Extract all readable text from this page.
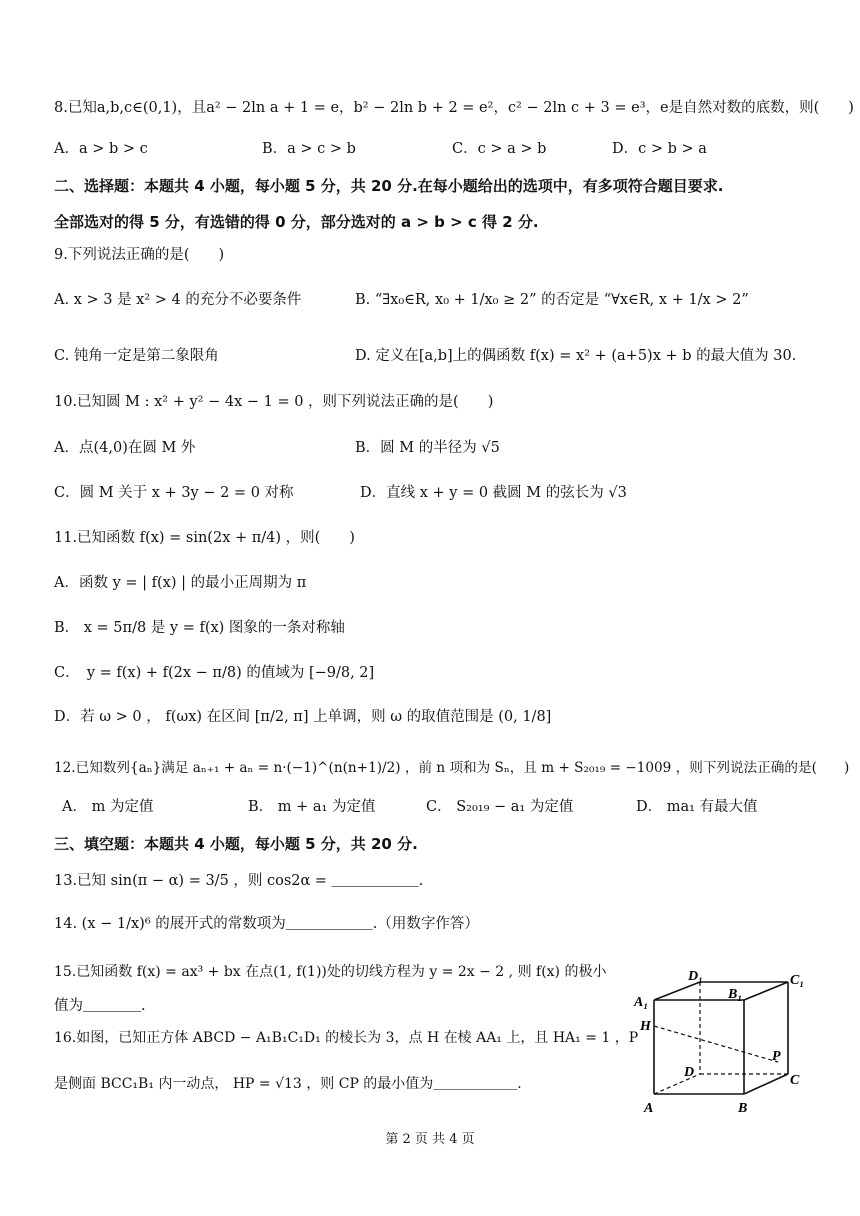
8.已知a,b,c∈(0,1)，且a² − 2ln a + 1 = e，b² − 2ln b + 2 = e²，c² − 2ln c + 3 = e³，e是自然对数的底数，则(　　)
A．a > b > c	B．a > c > b	C．c > a > b	D．c > b > a
二、选择题：本题共 4 小题，每小题 5 分，共 20 分.在每小题给出的选项中，有多项符合题目要求.
全部选对的得 5 分，有选错的得 0 分，部分选对的 a > b > c 得 2 分.
9.下列说法正确的是(　　)
A. x > 3 是 x² > 4 的充分不必要条件	B. “∃x₀∈R, x₀ + 1/x₀ ≥ 2” 的否定是 “∀x∈R, x + 1/x > 2”
C. 钝角一定是第二象限角	D. 定义在[a,b]上的偶函数 f(x) = x² + (a+5)x + b 的最大值为 30.
10.已知圆 M : x² + y² − 4x − 1 = 0 ，则下列说法正确的是(　　)
A．点(4,0)在圆 M 外	B．圆 M 的半径为 √5
C．圆 M 关于 x + 3y − 2 = 0 对称	D．直线 x + y = 0 截圆 M 的弦长为 √3
11.已知函数 f(x) = sin(2x + π/4) ，则(　　)
A．函数 y = | f(x) | 的最小正周期为 π
B． x = 5π/8 是 y = f(x) 图象的一条对称轴
C．　y = f(x) + f(2x − π/8) 的值域为 [−9/8, 2]
D．若 ω > 0 ， f(ωx) 在区间 [π/2, π] 上单调，则 ω 的取值范围是 (0, 1/8]
12.已知数列{aₙ}满足 aₙ₊₁ + aₙ = n·(−1)^(n(n+1)/2) ，前 n 项和为 Sₙ，且 m + S₂₀₁₉ = −1009 ，则下列说法正确的是(　　)
A． m 为定值	B． m + a₁ 为定值	C． S₂₀₁₉ − a₁ 为定值	D． ma₁ 有最大值
三、填空题：本题共 4 小题，每小题 5 分，共 20 分.
13.已知 sin(π − α) = 3/5 ，则 cos2α = ＿＿＿＿＿＿.
14. (x − 1/x)⁶ 的展开式的常数项为＿＿＿＿＿＿.（用数字作答）
15.已知函数 f(x) = ax³ + bx 在点(1, f(1))处的切线方程为 y = 2x − 2 , 则 f(x) 的极小
值为＿＿＿＿.
16.如图，已知正方体 ABCD − A₁B₁C₁D₁ 的棱长为 3，点 H 在棱 AA₁ 上，且 HA₁ = 1 ，P
是侧面 BCC₁B₁ 内一动点， HP = √13 ，则 CP 的最小值为＿＿＿＿＿＿.
D₁	C₁
A₁
B₁
H
P
D
C
A	B
第 2 页 共 4 页
